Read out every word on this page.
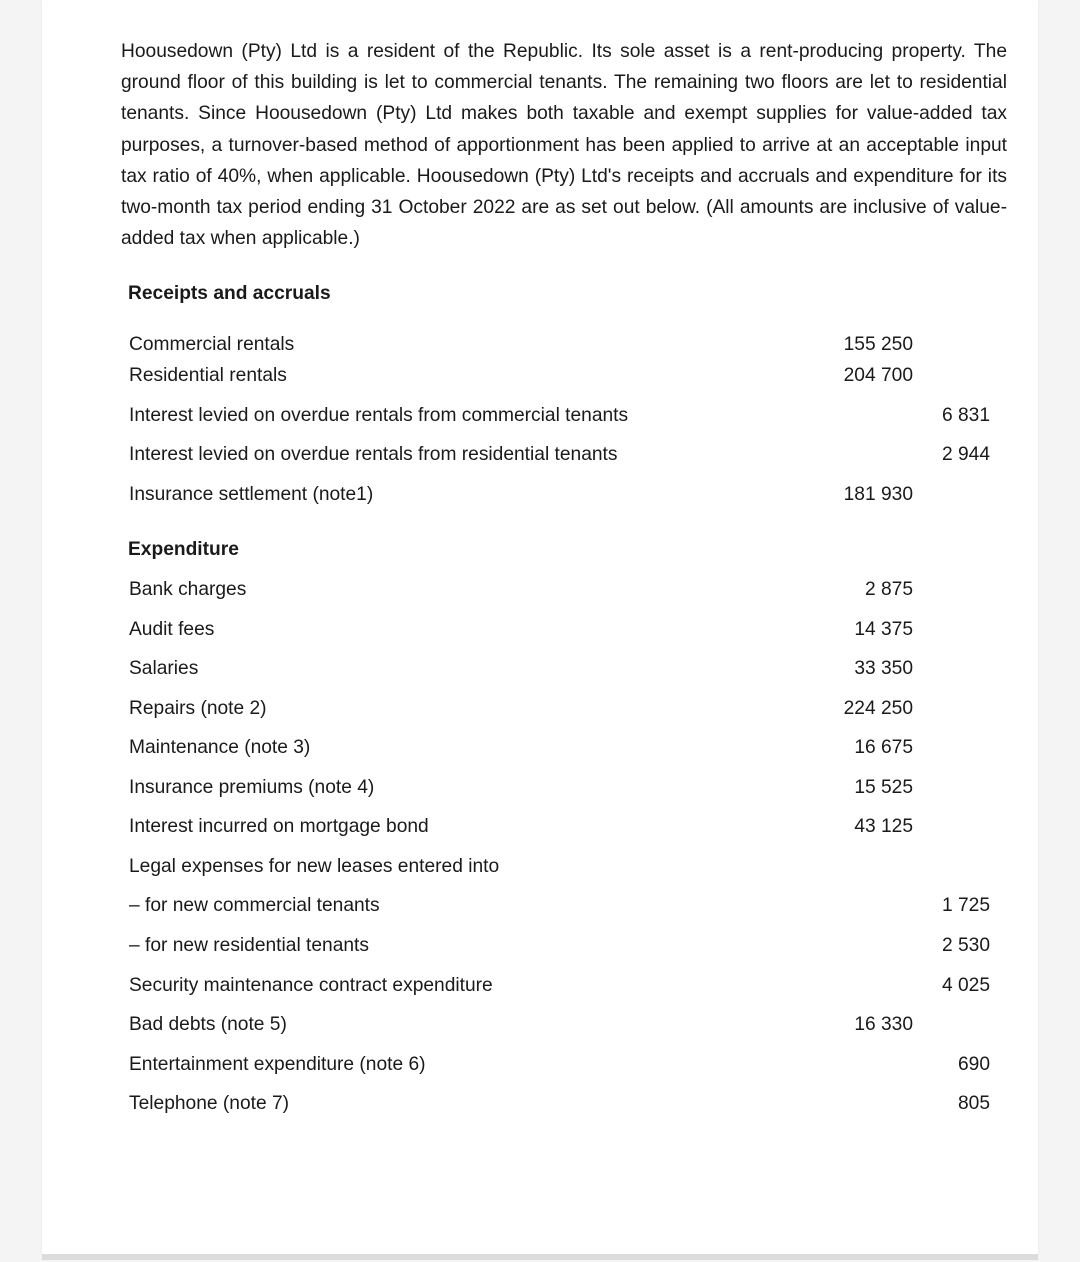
Hoousedown (Pty) Ltd is a resident of the Republic. Its sole asset is a rent-producing property. The ground floor of this building is let to commercial tenants. The remaining two floors are let to residential tenants. Since Hoousedown (Pty) Ltd makes both taxable and exempt supplies for value-added tax purposes, a turnover-based method of apportionment has been applied to arrive at an acceptable input tax ratio of 40%, when applicable. Hoousedown (Pty) Ltd's receipts and accruals and expenditure for its two-month tax period ending 31 October 2022 are as set out below. (All amounts are inclusive of value-added tax when applicable.)

Receipts and accruals
Commercial rentals	155 250
Residential rentals	204 700
Interest levied on overdue rentals from commercial tenants	6 831
Interest levied on overdue rentals from residential tenants	2 944
Insurance settlement (note1)	181 930
Expenditure
Bank charges	2 875
Audit fees	14 375
Salaries	33 350
Repairs (note 2)	224 250
Maintenance (note 3)	16 675
Insurance premiums (note 4)	15 525
Interest incurred on mortgage bond	43 125
Legal expenses for new leases entered into
– for new commercial tenants	1 725
– for new residential tenants	2 530
Security maintenance contract expenditure	4 025
Bad debts (note 5)	16 330
Entertainment expenditure (note 6)	690
Telephone (note 7)	805
